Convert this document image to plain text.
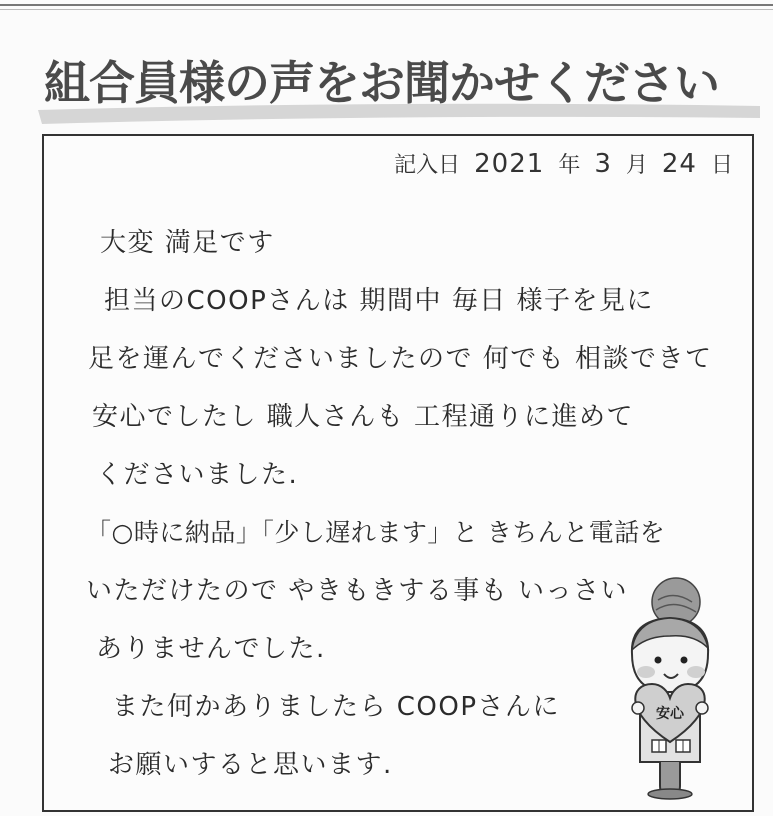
組合員様の声をお聞かせください
記入日 2021 年 3 月 24 日
大変 満足です
担当のCOOPさんは 期間中 毎日 様子を見に
足を運んでくださいましたので 何でも 相談できて
安心でしたし 職人さんも 工程通りに進めて
くださいました.
「○時に納品」「少し遅れます」と きちんと電話を
いただけたので やきもきする事も いっさい
ありませんでした.
また何かありましたら COOPさんに
お願いすると思います.
安心
